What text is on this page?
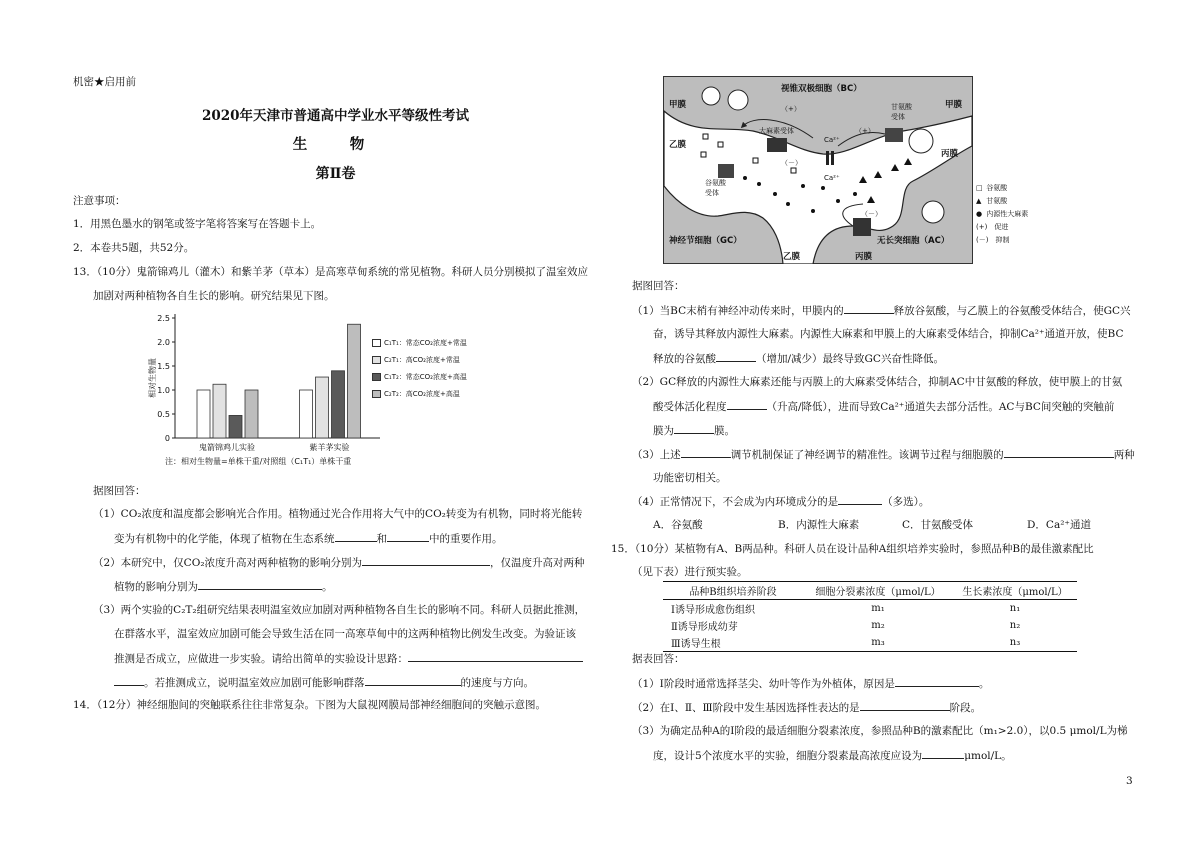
机密★启用前
2020年天津市普通高中学业水平等级性考试
生　物
第Ⅱ卷
注意事项：
1．用黑色墨水的钢笔或签字笔将答案写在答题卡上。
2．本卷共5题，共52分。
13．（10分）鬼箭锦鸡儿（灌木）和紫羊茅（草本）是高寒草甸系统的常见植物。科研人员分别模拟了温室效应
加剧对两种植物各自生长的影响。研究结果见下图。
0
0.5
1.0
1.5
2.0
2.5
相对生物量
鬼箭锦鸡儿实验	紫羊茅实验
C₁T₁：常态CO₂浓度+常温
C₂T₁：高CO₂浓度+常温
C₁T₂：常态CO₂浓度+高温
C₂T₂：高CO₂浓度+高温
注：相对生物量=单株干重/对照组（C₁T₁）单株干重
据图回答：
（1）CO₂浓度和温度都会影响光合作用。植物通过光合作用将大气中的CO₂转变为有机物，同时将光能转
变为有机物中的化学能，体现了植物在生态系统	和	中的重要作用。
（2）本研究中，仅CO₂浓度升高对两种植物的影响分别为	，仅温度升高对两种
植物的影响分别为	。
（3）两个实验的C₂T₂组研究结果表明温室效应加剧对两种植物各自生长的影响不同。科研人员据此推测，
在群落水平，温室效应加剧可能会导致生活在同一高寒草甸中的这两种植物比例发生改变。为验证该
推测是否成立，应做进一步实验。请给出简单的实验设计思路：
。若推测成立，说明温室效应加剧可能影响群落	的速度与方向。
14．（12分）神经细胞间的突触联系往往非常复杂。下图为大鼠视网膜局部神经细胞间的突触示意图。
视锥双极细胞（BC）
甲膜	甲膜
乙膜
丙膜
大麻素受体
甘氨酸
受体
谷氨酸
受体
Ca²⁺
Ca²⁺
（+）
（－）
（+）
（－）
神经节细胞（GC）	无长突细胞（AC）
乙膜	丙膜
□ 谷氨酸
▲ 甘氨酸
● 内源性大麻素
(+)　促进
(－)　抑制
据图回答：
（1）当BC末梢有神经冲动传来时，甲膜内的	释放谷氨酸，与乙膜上的谷氨酸受体结合，使GC兴
奋，诱导其释放内源性大麻素。内源性大麻素和甲膜上的大麻素受体结合，抑制Ca²⁺通道开放，使BC
释放的谷氨酸	（增加/减少）最终导致GC兴奋性降低。
（2）GC释放的内源性大麻素还能与丙膜上的大麻素受体结合，抑制AC中甘氨酸的释放，使甲膜上的甘氨
酸受体活化程度	（升高/降低），进而导致Ca²⁺通道失去部分活性。AC与BC间突触的突触前
膜为	膜。
（3）上述	调节机制保证了神经调节的精准性。该调节过程与细胞膜的	两种
功能密切相关。
（4）正常情况下，不会成为内环境成分的是	（多选）。
A．谷氨酸	B．内源性大麻素	C．甘氨酸受体	D．Ca²⁺通道
15．（10分）某植物有A、B两品种。科研人员在设计品种A组织培养实验时，参照品种B的最佳激素配比
（见下表）进行预实验。
品种B组织培养阶段	细胞分裂素浓度（μmol/L）	生长素浓度（μmol/L）
Ⅰ诱导形成愈伤组织	m₁	n₁
Ⅱ诱导形成幼芽	m₂	n₂
Ⅲ诱导生根	m₃	n₃
据表回答：
（1）Ⅰ阶段时通常选择茎尖、幼叶等作为外植体，原因是	。
（2）在Ⅰ、Ⅱ、Ⅲ阶段中发生基因选择性表达的是	阶段。
（3）为确定品种A的Ⅰ阶段的最适细胞分裂素浓度，参照品种B的激素配比（m₁>2.0），以0.5 μmol/L为梯
度，设计5个浓度水平的实验，细胞分裂素最高浓度应设为	μmol/L。
3
